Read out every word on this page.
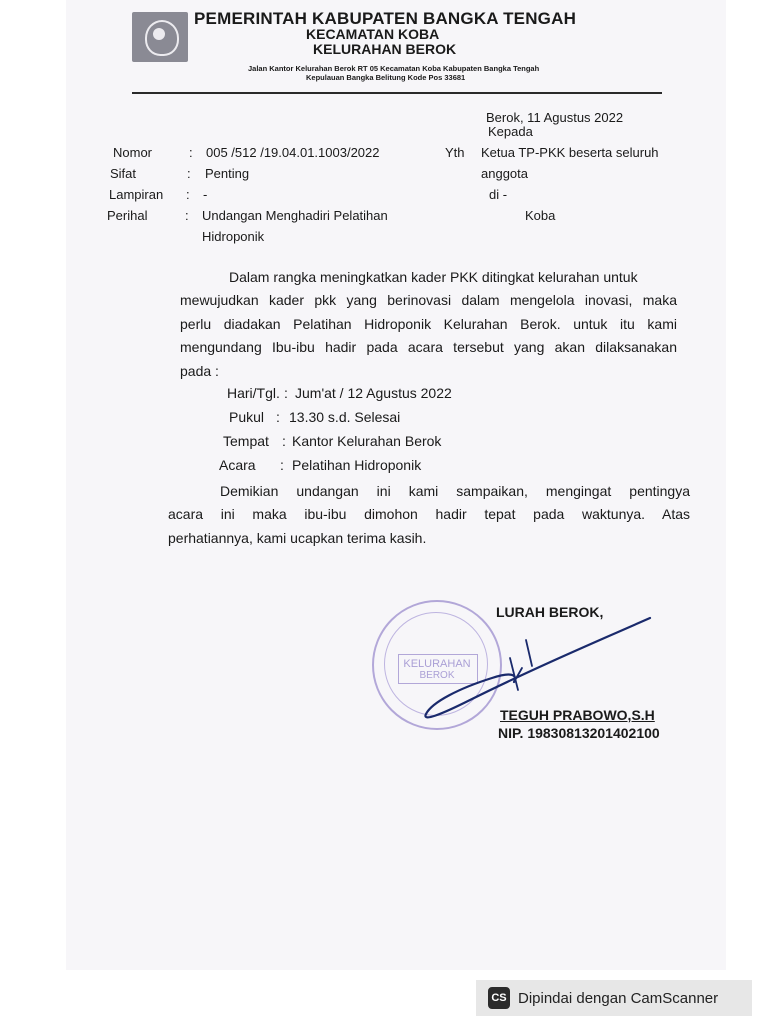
PEMERINTAH KABUPATEN BANGKA TENGAH
KECAMATAN KOBA
KELURAHAN BEROK
Jalan Kantor Kelurahan Berok RT 05 Kecamatan Koba Kabupaten Bangka Tengah
Kepulauan Bangka Belitung Kode Pos 33681
Berok, 11 Agustus 2022
Kepada
Yth Ketua TP-PKK beserta seluruh
anggota
di -
Koba
Nomor	: 005 /512 /19.04.01.1003/2022
Sifat	: Penting
Lampiran : -
Perihal	: Undangan Menghadiri Pelatihan
Hidroponik
Dalam rangka meningkatkan kader PKK ditingkat kelurahan untuk
mewujudkan kader pkk yang berinovasi dalam mengelola inovasi, maka
perlu diadakan Pelatihan Hidroponik Kelurahan Berok. untuk itu kami
mengundang Ibu-ibu hadir pada acara tersebut yang akan dilaksanakan
pada :
Hari/Tgl. : Jum'at / 12 Agustus 2022
Pukul : 13.30 s.d. Selesai
Tempat : Kantor Kelurahan Berok
Acara : Pelatihan Hidroponik
Demikian undangan ini kami sampaikan, mengingat pentingya
acara ini maka ibu-ibu dimohon hadir tepat pada waktunya. Atas
perhatiannya, kami ucapkan terima kasih.
KELURAHAN
BEROK
LURAH BEROK,
TEGUH PRABOWO,S.H
NIP. 19830813201402100
CS Dipindai dengan CamScanner
